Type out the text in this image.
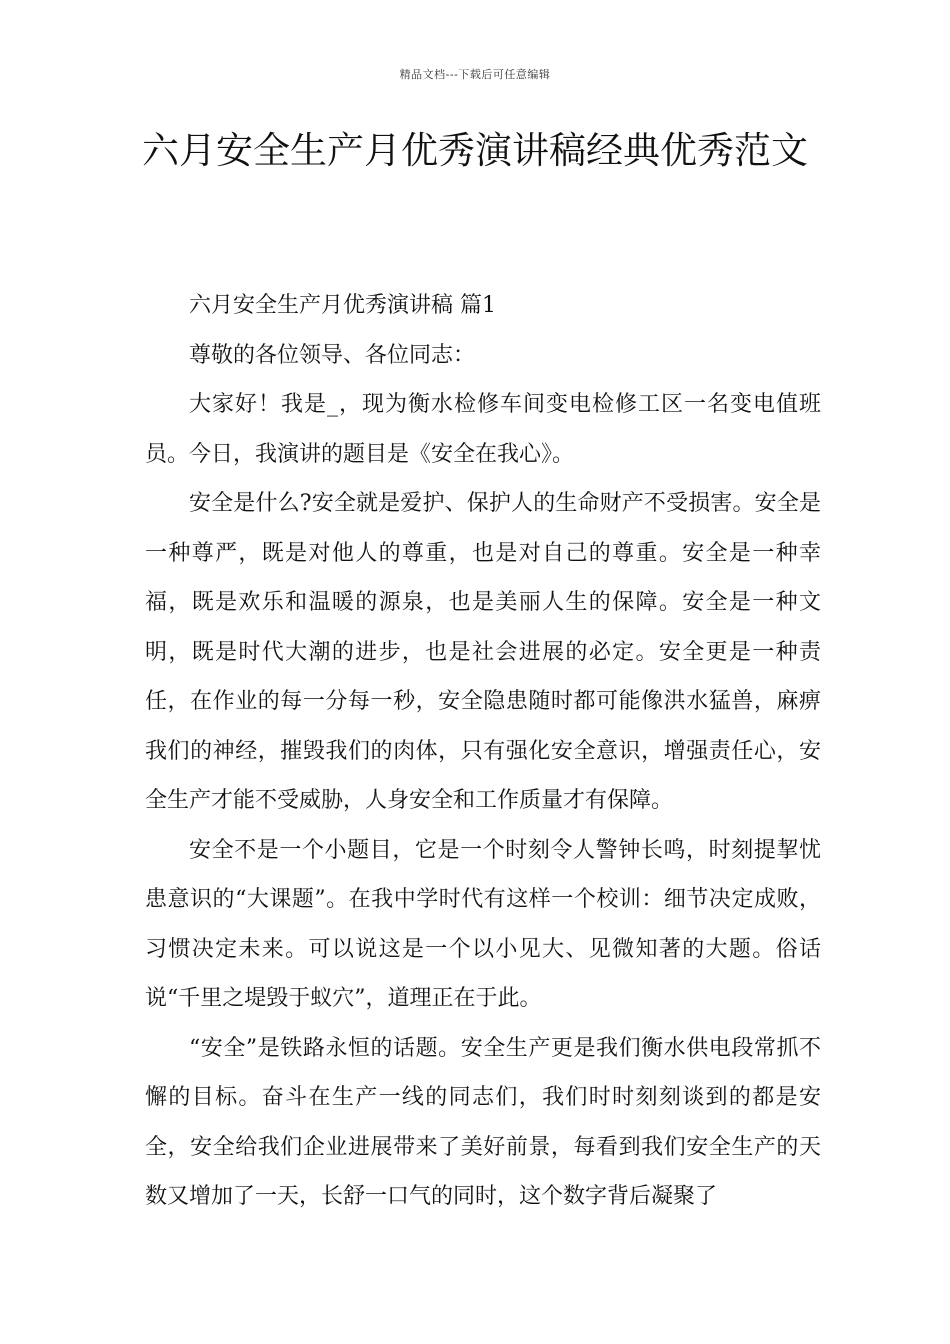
精品文档---下载后可任意编辑
六月安全生产月优秀演讲稿经典优秀范文

六月安全生产月优秀演讲稿 篇1

尊敬的各位领导、各位同志：

大家好！我是_，现为衡水检修车间变电检修工区一名变电值班员。今日，我演讲的题目是《安全在我心》。

安全是什么?安全就是爱护、保护人的生命财产不受损害。安全是一种尊严，既是对他人的尊重，也是对自己的尊重。安全是一种幸福，既是欢乐和温暖的源泉，也是美丽人生的保障。安全是一种文明，既是时代大潮的进步，也是社会进展的必定。安全更是一种责任，在作业的每一分每一秒，安全隐患随时都可能像洪水猛兽，麻痹我们的神经，摧毁我们的肉体，只有强化安全意识，增强责任心，安全生产才能不受威胁，人身安全和工作质量才有保障。

安全不是一个小题目，它是一个时刻令人警钟长鸣，时刻提挈忧患意识的“大课题”。在我中学时代有这样一个校训：细节决定成败，习惯决定未来。可以说这是一个以小见大、见微知著的大题。俗话说“千里之堤毁于蚁穴”，道理正在于此。

“安全”是铁路永恒的话题。安全生产更是我们衡水供电段常抓不懈的目标。奋斗在生产一线的同志们，我们时时刻刻谈到的都是安全，安全给我们企业进展带来了美好前景，每看到我们安全生产的天数又增加了一天，长舒一口气的同时，这个数字背后凝聚了
